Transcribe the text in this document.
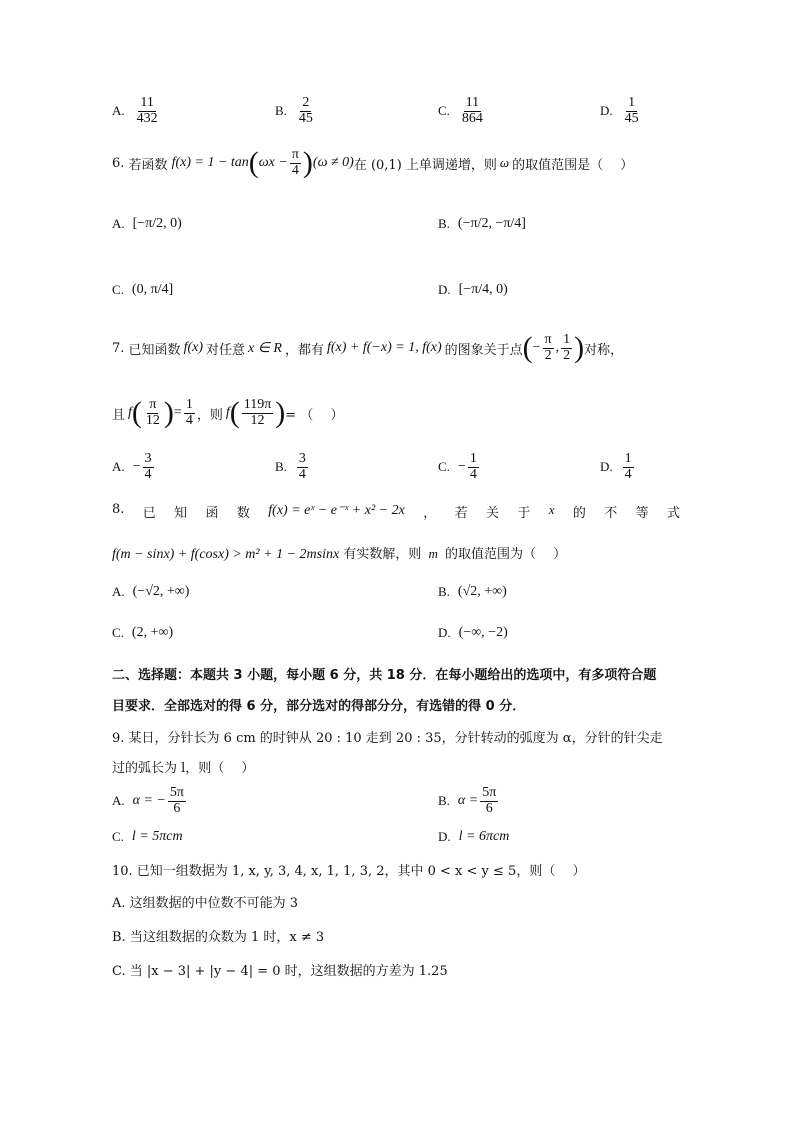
A. $\frac{11}{432}$	B. $\frac{2}{45}$	C. $\frac{11}{864}$	D. $\frac{1}{45}$
6.
若函数 f(x) = 1 − tan ( $\omega x - \frac{\pi}{4}$ ) (ω ≠ 0) 在 (0,1) 上单调递增，则 ω 的取值范围是（　 ）
A. [−π/2, 0)	B. (−π/2, −π/4]
C. (0, π/4]	D. [−π/4, 0)
7.
已知函数 f(x) 对任意 x ∈ R ，都有 f(x) + f(−x) = 1, f(x) 的图象关于点 ( − $\frac{\pi}{2}$ , $\frac{1}{2}$ ) 对称，
且 f ( $\frac{\pi}{12}$ ) = $\frac{1}{4}$ ，则 f ( $\frac{119\pi}{12}$ ) = （　 ）
A. − $\frac{3}{4}$	B. $\frac{3}{4}$	C. − $\frac{1}{4}$	D. $\frac{1}{4}$
8. 已 知 函 数 f(x) = eˣ − e⁻ˣ + x² − 2x ， 若 关 于 x 的 不 等 式
f(m − sinx) + f(cosx) > m² + 1 − 2msinx 有实数解，则 m 的取值范围为（　 ）
A. (−√2, +∞)	B. (√2, +∞)
C. (2, +∞)	D. (−∞, −2)
二、选择题：本题共 3 小题，每小题 6 分，共 18 分．在每小题给出的选项中，有多项符合题
目要求．全部选对的得 6 分，部分选对的得部分分，有选错的得 0 分．
9. 某日，分针长为 6 cm 的时钟从 20 : 10 走到 20 : 35，分针转动的弧度为 α，分针的针尖走
过的弧长为 l，则（　 ）
A. α = − $\frac{5\pi}{6}$	B. $\alpha = \frac{5\pi}{6}$
C. l = 5πcm	D. l = 6πcm
10. 已知一组数据为 1, x, y, 3, 4, x, 1, 1, 3, 2，其中 0 < x < y ≤ 5，则（　 ）
A. 这组数据的中位数不可能为 3
B. 当这组数据的众数为 1 时，x ≠ 3
C. 当 |x − 3| + |y − 4| = 0 时，这组数据的方差为 1.25
